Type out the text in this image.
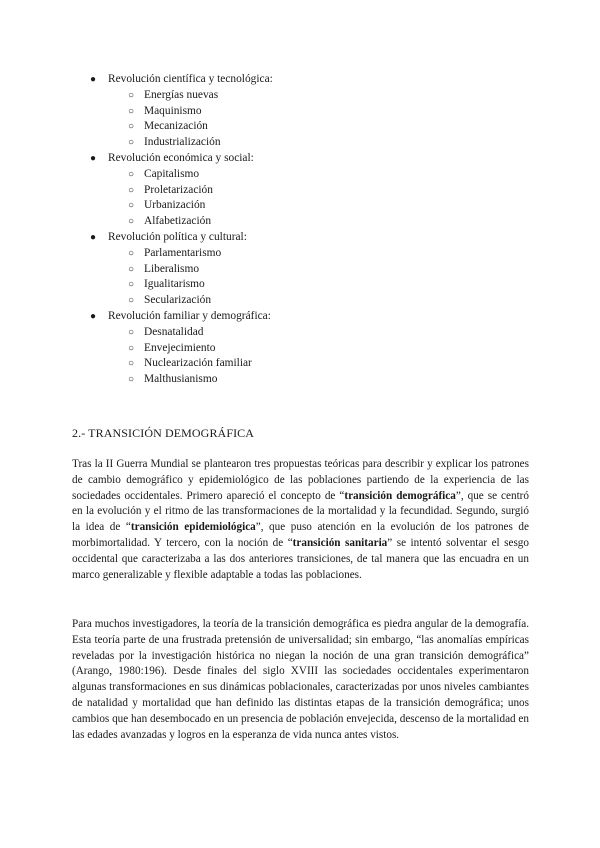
● Revolución científica y tecnológica:
○ Energías nuevas
○ Maquinismo
○ Mecanización
○ Industrialización
● Revolución económica y social:
○ Capitalismo
○ Proletarización
○ Urbanización
○ Alfabetización
● Revolución política y cultural:
○ Parlamentarismo
○ Liberalismo
○ Igualitarismo
○ Secularización
● Revolución familiar y demográfica:
○ Desnatalidad
○ Envejecimiento
○ Nuclearización familiar
○ Malthusianismo
2.- TRANSICIÓN DEMOGRÁFICA

Tras la II Guerra Mundial se plantearon tres propuestas teóricas para describir y explicar los patrones de cambio demográfico y epidemiológico de las poblaciones partiendo de la experiencia de las sociedades occidentales. Primero apareció el concepto de “transición demográfica”, que se centró en la evolución y el ritmo de las transformaciones de la mortalidad y la fecundidad. Segundo, surgió la idea de “transición epidemiológica”, que puso atención en la evolución de los patrones de morbimortalidad. Y tercero, con la noción de “transición sanitaria” se intentó solventar el sesgo occidental que caracterizaba a las dos anteriores transiciones, de tal manera que las encuadra en un marco generalizable y flexible adaptable a todas las poblaciones.

Para muchos investigadores, la teoría de la transición demográfica es piedra angular de la demografía. Esta teoría parte de una frustrada pretensión de universalidad; sin embargo, “las anomalías empíricas reveladas por la investigación histórica no niegan la noción de una gran transición demográfica” (Arango, 1980:196). Desde finales del siglo XVIII las sociedades occidentales experimentaron algunas transformaciones en sus dinámicas poblacionales, caracterizadas por unos niveles cambiantes de natalidad y mortalidad que han definido las distintas etapas de la transición demográfica; unos cambios que han desembocado en un presencia de población envejecida, descenso de la mortalidad en las edades avanzadas y logros en la esperanza de vida nunca antes vistos.
